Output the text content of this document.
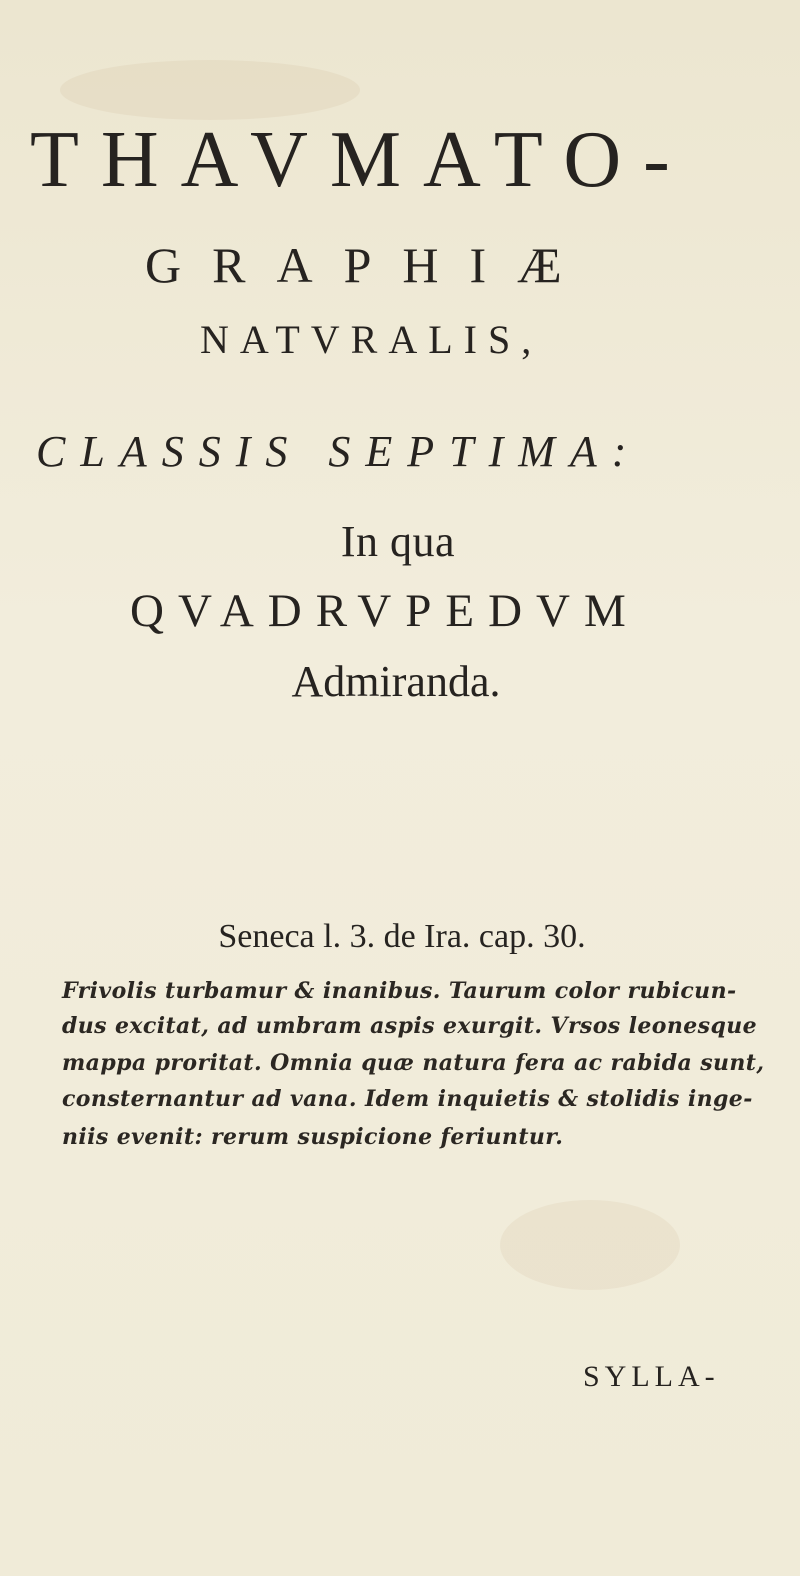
THAVMATO-
GRAPHIÆ
NATVRALIS,
CLASSIS SEPTIMA:
In qua
QVADRVPEDVM
Admiranda.
Seneca l. 3. de Ira. cap. 30.
Frivolis turbamur & inanibus. Taurum color rubicun-
dus excitat, ad umbram aspis exurgit. Vrsos leonesque
mappa proritat. Omnia quæ natura fera ac rabida sunt,
consternantur ad vana. Idem inquietis & stolidis inge-
niis evenit: rerum suspicione feriuntur.
SYLLA-
